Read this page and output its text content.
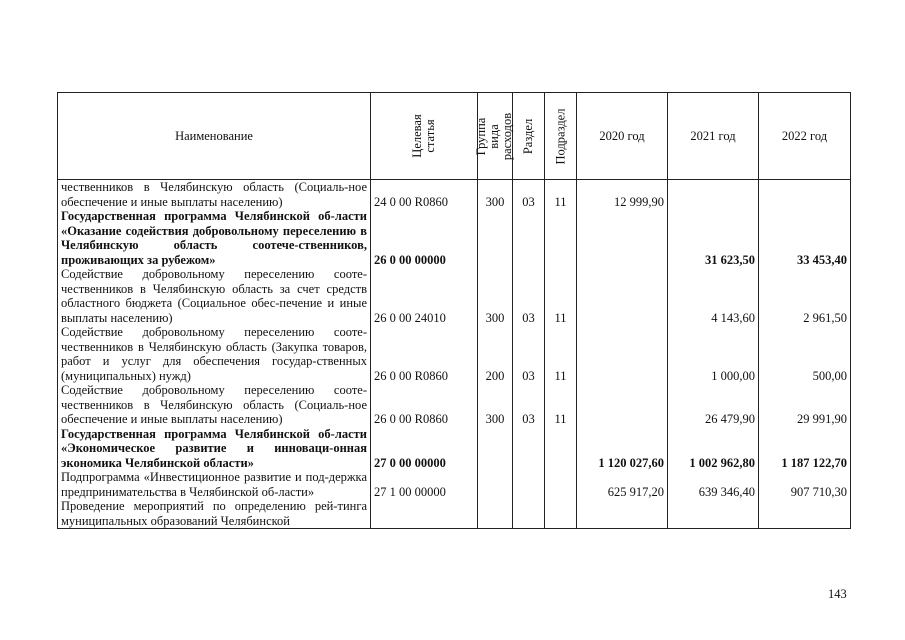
Наименование	Целевая статья	Группа вида расходов	Раздел	Подраздел	2020 год	2021 год	2022 год
чественников в Челябинскую область (Социаль-ное обеспечение и иные выплаты населению)	24 0 00 R0860	300	03	11	12 999,90		
Государственная программа Челябинской об-ласти «Оказание содействия добровольному переселению в Челябинскую область соотече-ственников, проживающих за рубежом»	26 0 00 00000					31 623,50	33 453,40
Содействие добровольному переселению сооте-чественников в Челябинскую область за счет средств областного бюджета (Социальное обес-печение и иные выплаты населению)	26 0 00 24010	300	03	11		4 143,60	2 961,50
Содействие добровольному переселению сооте-чественников в Челябинскую область (Закупка товаров, работ и услуг для обеспечения государ-ственных (муниципальных) нужд)	26 0 00 R0860	200	03	11		1 000,00	500,00
Содействие добровольному переселению сооте-чественников в Челябинскую область (Социаль-ное обеспечение и иные выплаты населению)	26 0 00 R0860	300	03	11		26 479,90	29 991,90
Государственная программа Челябинской об-ласти «Экономическое развитие и инноваци-онная экономика Челябинской области»	27 0 00 00000				1 120 027,60	1 002 962,80	1 187 122,70
Подпрограмма «Инвестиционное развитие и под-держка предпринимательства в Челябинской об-ласти»	27 1 00 00000				625 917,20	639 346,40	907 710,30
Проведение мероприятий по определению рей-тинга муниципальных образований Челябинской							
143
